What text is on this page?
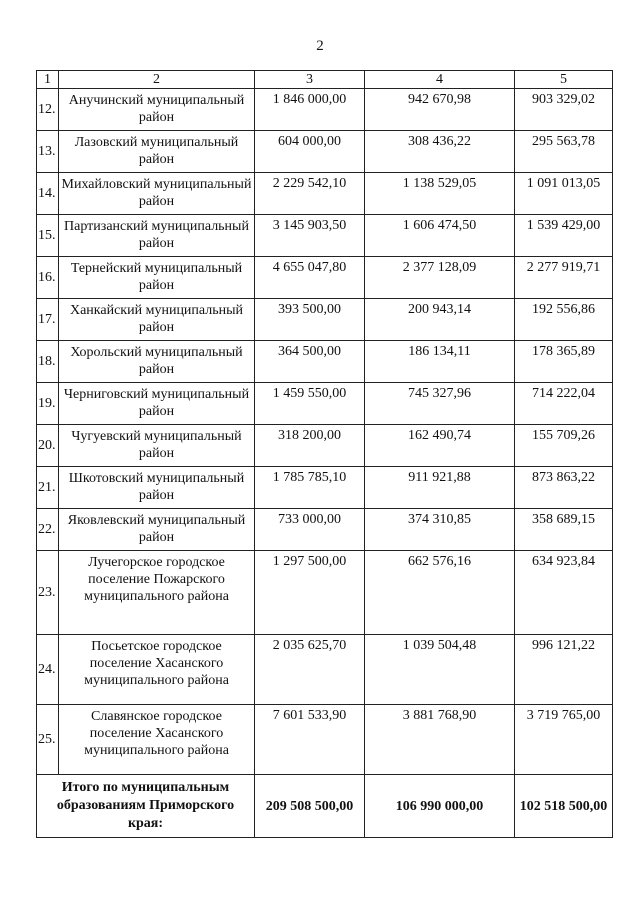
2
1	2	3	4	5
12.	Анучинский муниципальный район	1 846 000,00	942 670,98	903 329,02
13.	Лазовский муниципальный район	604 000,00	308 436,22	295 563,78
14.	Михайловский муниципальный район	2 229 542,10	1 138 529,05	1 091 013,05
15.	Партизанский муниципальный район	3 145 903,50	1 606 474,50	1 539 429,00
16.	Тернейский муниципальный район	4 655 047,80	2 377 128,09	2 277 919,71
17.	Ханкайский муниципальный район	393 500,00	200 943,14	192 556,86
18.	Хорольский муниципальный район	364 500,00	186 134,11	178 365,89
19.	Черниговский муниципальный район	1 459 550,00	745 327,96	714 222,04
20.	Чугуевский муниципальный район	318 200,00	162 490,74	155 709,26
21.	Шкотовский муниципальный район	1 785 785,10	911 921,88	873 863,22
22.	Яковлевский муниципальный район	733 000,00	374 310,85	358 689,15
23.	Лучегорское городское поселение Пожарского муниципального района	1 297 500,00	662 576,16	634 923,84
24.	Посьетское городское поселение Хасанского муниципального района	2 035 625,70	1 039 504,48	996 121,22
25.	Славянское городское поселение Хасанского муниципального района	7 601 533,90	3 881 768,90	3 719 765,00
Итого по муниципальным образованиям Приморского края:		209 508 500,00	106 990 000,00	102 518 500,00
